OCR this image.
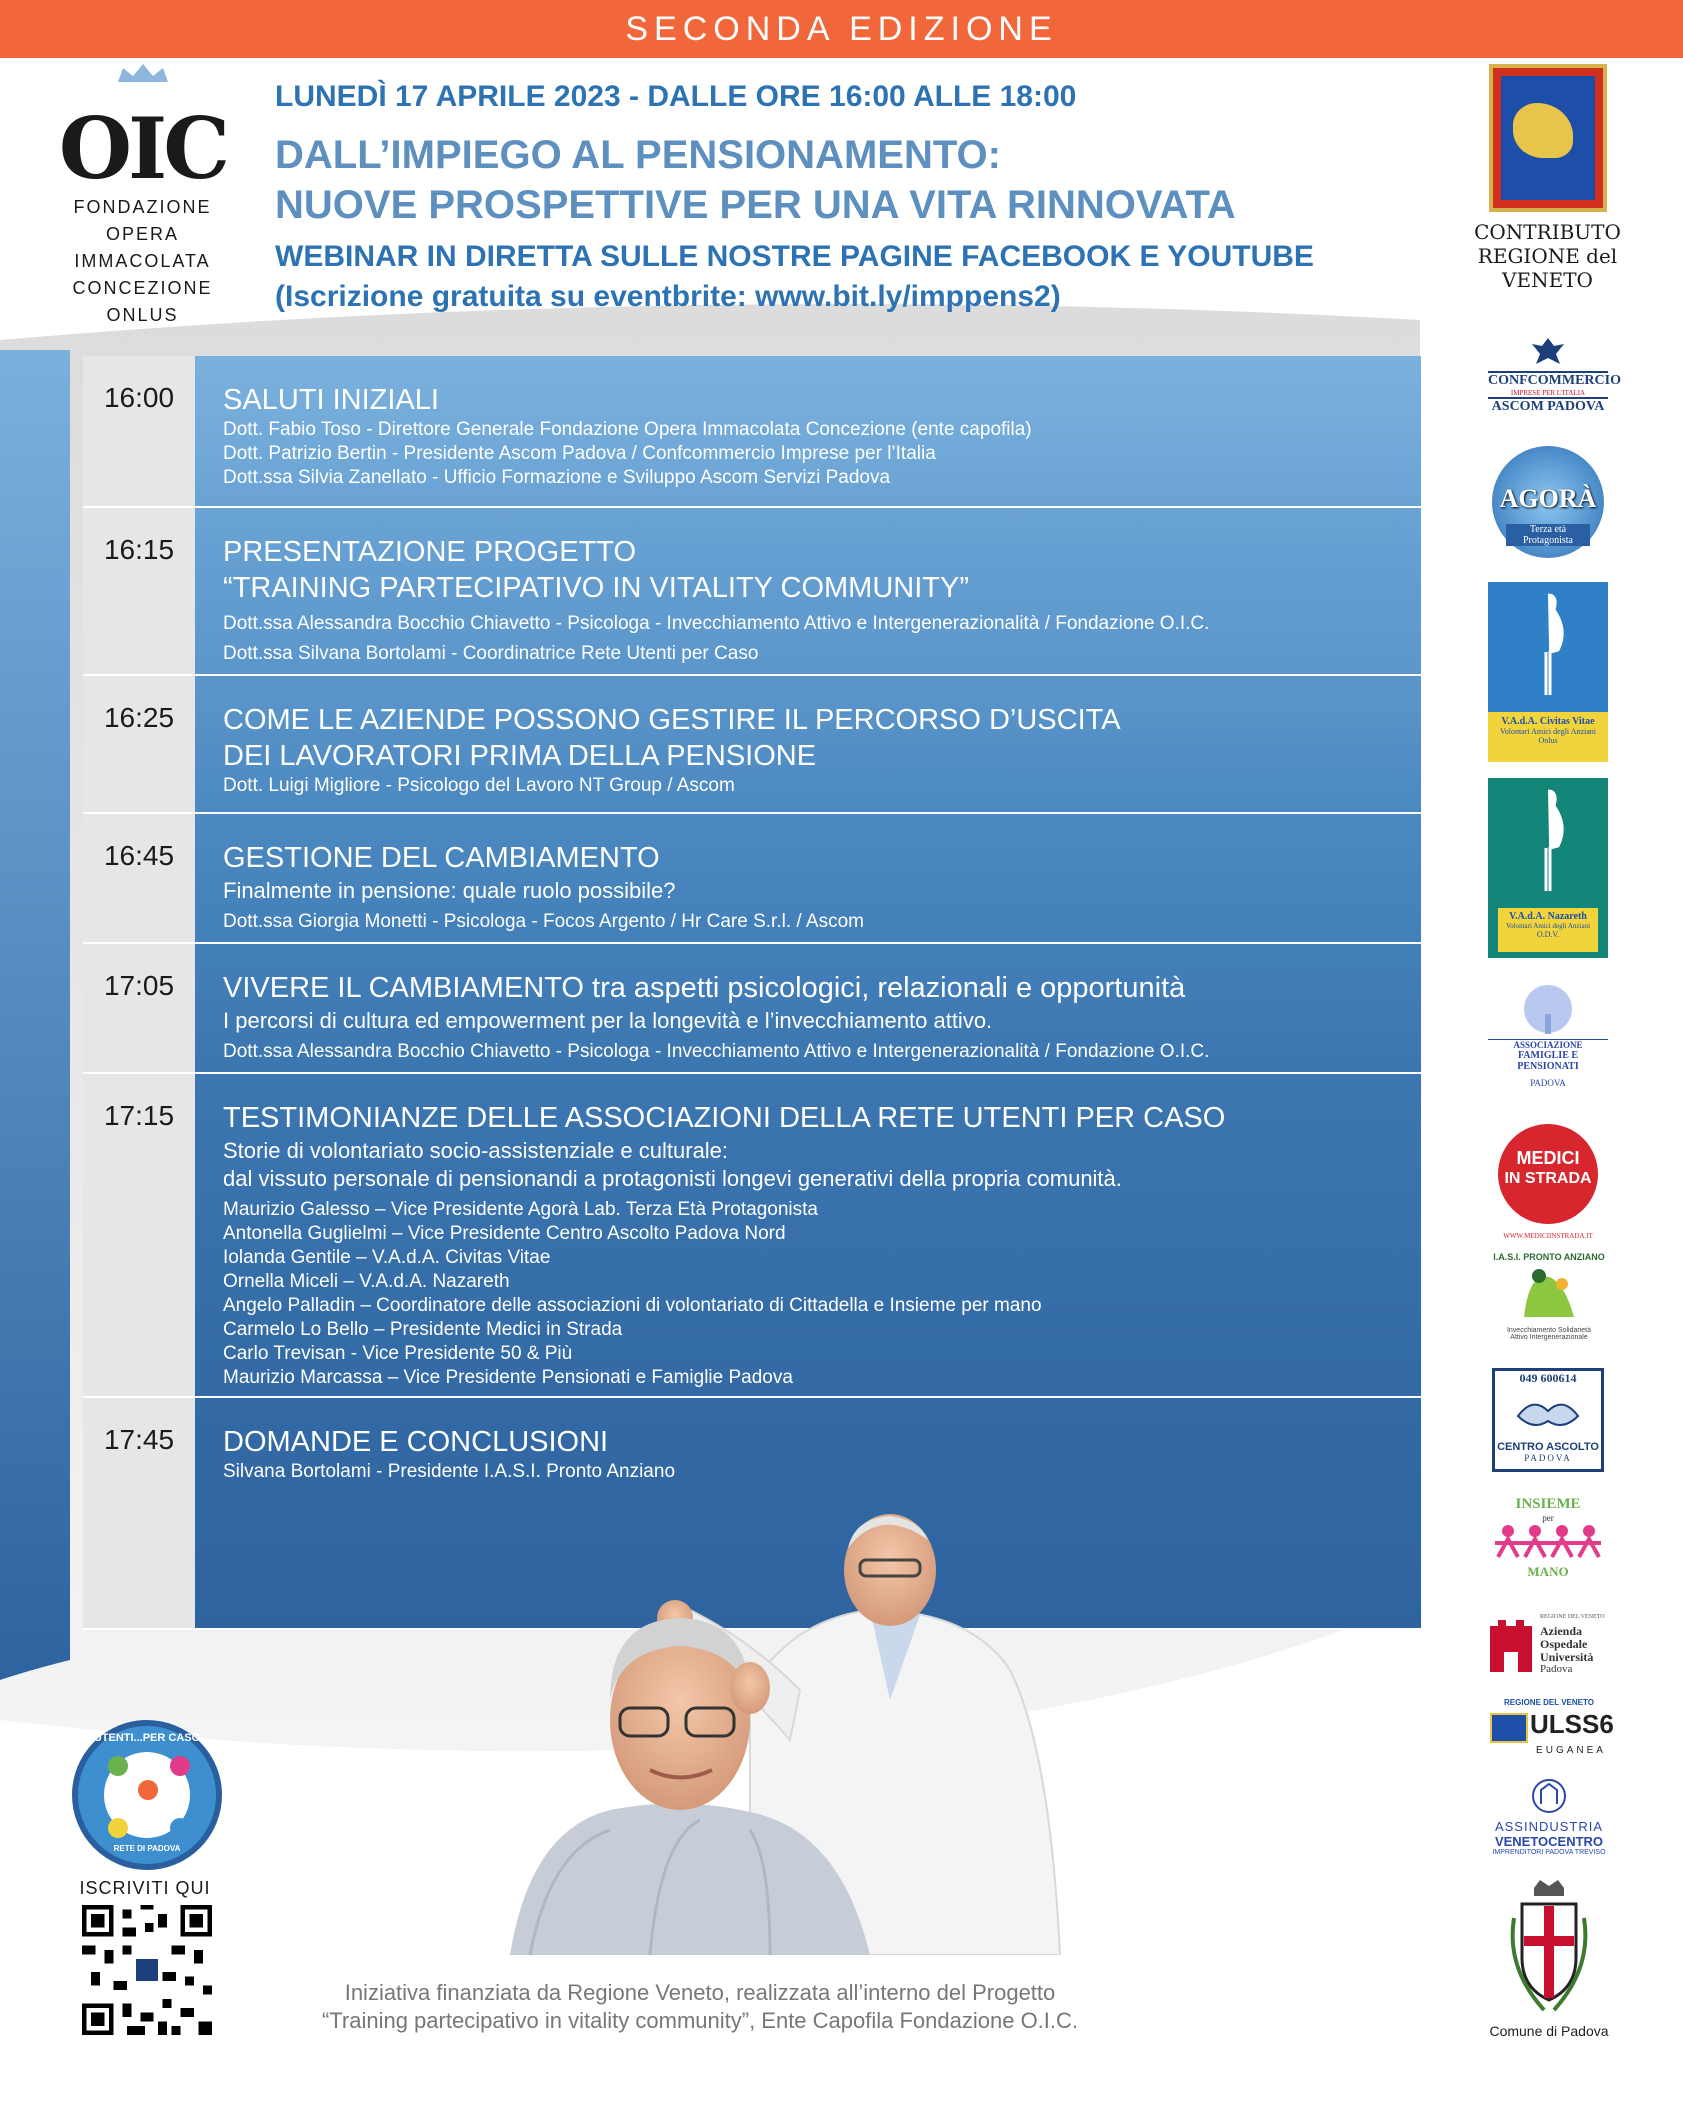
SECONDA EDIZIONE
OIC
FONDAZIONE
OPERA IMMACOLATA
CONCEZIONE ONLUS
LUNEDÌ 17 APRILE 2023 - DALLE ORE 16:00 ALLE 18:00
DALL’IMPIEGO AL PENSIONAMENTO:
NUOVE PROSPETTIVE PER UNA VITA RINNOVATA
WEBINAR IN DIRETTA SULLE NOSTRE PAGINE FACEBOOK E YOUTUBE
(Iscrizione gratuita su eventbrite: www.bit.ly/imppens2)
CONTRIBUTO
REGIONE del VENETO
16:00	SALUTI INIZIALI
Dott. Fabio Toso - Direttore Generale Fondazione Opera Immacolata Concezione (ente capofila)
Dott. Patrizio Bertin - Presidente Ascom Padova / Confcommercio Imprese per l’Italia
Dott.ssa Silvia Zanellato - Ufficio Formazione e Sviluppo Ascom Servizi Padova
16:15	PRESENTAZIONE PROGETTO
“TRAINING PARTECIPATIVO IN VITALITY COMMUNITY”
Dott.ssa Alessandra Bocchio Chiavetto - Psicologa - Invecchiamento Attivo e Intergenerazionalità / Fondazione O.I.C.
Dott.ssa Silvana Bortolami - Coordinatrice Rete Utenti per Caso
16:25	COME LE AZIENDE POSSONO GESTIRE IL PERCORSO D’USCITA
DEI LAVORATORI PRIMA DELLA PENSIONE
Dott. Luigi Migliore - Psicologo del Lavoro NT Group / Ascom
16:45	GESTIONE DEL CAMBIAMENTO
Finalmente in pensione: quale ruolo possibile?
Dott.ssa Giorgia Monetti - Psicologa - Focos Argento / Hr Care S.r.l. / Ascom
17:05	VIVERE IL CAMBIAMENTO tra aspetti psicologici, relazionali e opportunità
I percorsi di cultura ed empowerment per la longevità e l’invecchiamento attivo.
Dott.ssa Alessandra Bocchio Chiavetto - Psicologa - Invecchiamento Attivo e Intergenerazionalità / Fondazione O.I.C.
17:15	TESTIMONIANZE DELLE ASSOCIAZIONI DELLA RETE UTENTI PER CASO
Storie di volontariato socio-assistenziale e culturale:
dal vissuto personale di pensionandi a protagonisti longevi generativi della propria comunità.
Maurizio Galesso – Vice Presidente Agorà Lab. Terza Età Protagonista
Antonella Guglielmi – Vice Presidente Centro Ascolto Padova Nord
Iolanda Gentile – V.A.d.A. Civitas Vitae
Ornella Miceli – V.A.d.A. Nazareth
Angelo Palladin – Coordinatore delle associazioni di volontariato di Cittadella e Insieme per mano
Carmelo Lo Bello – Presidente Medici in Strada
Carlo Trevisan - Vice Presidente 50 & Più
Maurizio Marcassa – Vice Presidente Pensionati e Famiglie Padova
17:45	DOMANDE E CONCLUSIONI
Silvana Bortolami - Presidente I.A.S.I. Pronto Anziano
CONFCOMMERCIO
IMPRESE PER L'ITALIA
ASCOM PADOVA
AGORÀ
Terza età Protagonista
V.A.d.A. Civitas Vitae
Volontari Amici degli Anziani
Onlus
V.A.d.A. Nazareth
Volontari Amici degli Anziani
O.D.V.
ASSOCIAZIONE
FAMIGLIE E PENSIONATI
PADOVA
MEDICI
IN STRADA
WWW.MEDICIINSTRADA.IT
I.A.S.I. PRONTO ANZIANO
Invecchiamento Solidarietà
Attivo Intergenerazionale
049 600614
CENTRO ASCOLTO
PADOVA
INSIEME
per
MANO
REGIONE DEL VENETO
Azienda
Ospedale
Università
Padova
REGIONE DEL VENETO
ULSS6
EUGANEA
ASSINDUSTRIA
VENETOCENTRO
IMPRENDITORI PADOVA TREVISO
Comune di Padova
UTENTI...PER CASO
RETE DI PADOVA
ISCRIVITI QUI
Iniziativa finanziata da Regione Veneto, realizzata all’interno del Progetto
“Training partecipativo in vitality community”, Ente Capofila Fondazione O.I.C.
